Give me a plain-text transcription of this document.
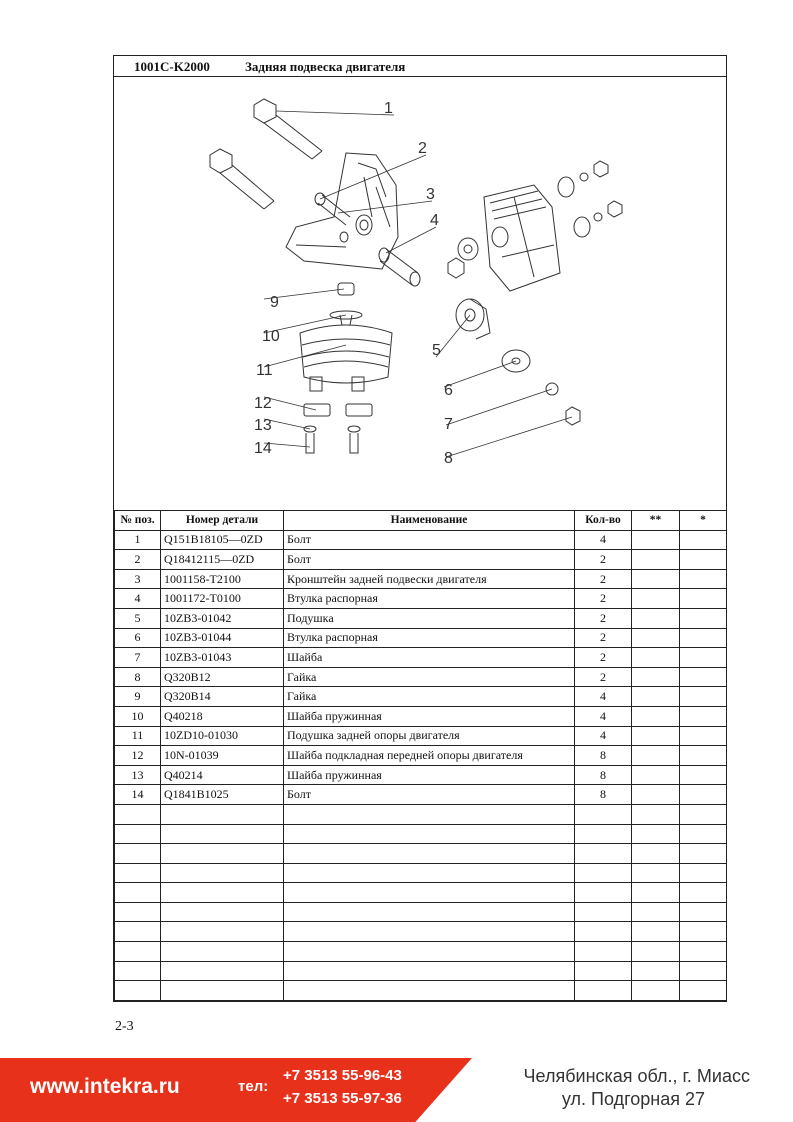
1001C-K2000	Задняя подвеска двигателя
1
2
3
4
5
6
7
8
9
10
11
12
13
14
№ поз.	Номер детали	Наименование	Кол-во	**	*
1	Q151B18105—0ZD	Болт	4		
2	Q18412115—0ZD	Болт	2		
3	1001158-T2100	Кронштейн задней подвески двигателя	2		
4	1001172-T0100	Втулка распорная	2		
5	10ZB3-01042	Подушка	2		
6	10ZB3-01044	Втулка распорная	2		
7	10ZB3-01043	Шайба	2		
8	Q320B12	Гайка	2		
9	Q320B14	Гайка	4		
10	Q40218	Шайба пружинная	4		
11	10ZD10-01030	Подушка задней опоры двигателя	4		
12	10N-01039	Шайба подкладная передней опоры двигателя	8		
13	Q40214	Шайба пружинная	8		
14	Q1841B1025	Болт	8		

2-3
www.intekra.ru	тел:
+7 3513 55-96-43
+7 3513 55-97-36
Челябинская обл., г. Миасс
ул. Подгорная 27
